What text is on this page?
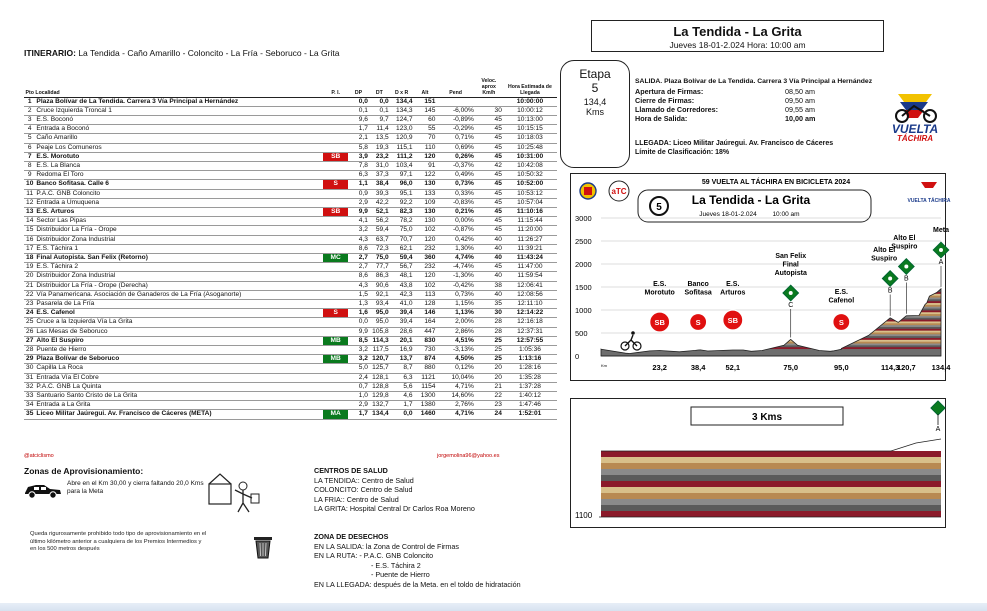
La Tendida - La Grita
Jueves 18-01-2.024 Hora: 10:00 am
ITINERARIO: La Tendida - Caño Amarillo - Coloncito - La Fría - Seboruco - La Grita
Pto	Localidad	P. I.	DP	DT	D x R	Alt	Pend	Veloc. aprox Km/h	Hora Estimada de Llegada
1	Plaza Bolívar de La Tendida. Carrera 3 Vía Principal a Hernández		0,0	0,0	134,4	151			10:00:00
2	Cruce Izquierda Troncal 1		0,1	0,1	134,3	145	-6,00%	30	10:00:12
3	E.S. Boconó		9,6	9,7	124,7	60	-0,89%	45	10:13:00
4	Entrada a Boconó		1,7	11,4	123,0	55	-0,29%	45	10:15:15
5	Caño Amarillo		2,1	13,5	120,9	70	0,71%	45	10:18:03
6	Peaje Los Comuneros		5,8	19,3	115,1	110	0,69%	45	10:25:48
7	E.S. Morotuto	SB	3,9	23,2	111,2	120	0,26%	45	10:31:00
8	E.S. La Blanca		7,8	31,0	103,4	91	-0,37%	42	10:42:08
9	Redoma El Toro		6,3	37,3	97,1	122	0,49%	45	10:50:32
10	Banco Sofitasa. Calle 6	S	1,1	38,4	96,0	130	0,73%	45	10:52:00
11	P.A.C. GNB Coloncito		0,9	39,3	95,1	133	0,33%	45	10:53:12
12	Entrada a Umuquena		2,9	42,2	92,2	109	-0,83%	45	10:57:04
13	E.S. Arturos	SB	9,9	52,1	82,3	130	0,21%	45	11:10:16
14	Sector Las Pipas		4,1	56,2	78,2	130	0,00%	45	11:15:44
15	Distribuidor La Fría - Orope		3,2	59,4	75,0	102	-0,87%	45	11:20:00
16	Distribuidor Zona Industrial		4,3	63,7	70,7	120	0,42%	40	11:26:27
17	E.S. Táchira 1		8,6	72,3	62,1	232	1,30%	40	11:39:21
18	Final Autopista. San Felix (Retorno)	MC	2,7	75,0	59,4	360	4,74%	40	11:43:24
19	E.S. Táchira 2		2,7	77,7	56,7	232	-4,74%	45	11:47:00
20	Distribuidor Zona Industrial		8,6	86,3	48,1	120	-1,30%	40	11:59:54
21	Distribuidor La Fría - Orope (Derecha)		4,3	90,6	43,8	102	-0,42%	38	12:06:41
22	Vía Panamericana. Asociación de Ganaderos de La Fría (Asoganorte)		1,5	92,1	42,3	113	0,73%	40	12:08:56
23	Pasarela de La Fría		1,3	93,4	41,0	128	1,15%	35	12:11:10
24	E.S. Cafenol	S	1,6	95,0	39,4	146	1,13%	30	12:14:22
25	Cruce a la Izquierda Vía La Grita		0,0	95,0	39,4	164	2,00%	28	12:16:18
26	Las Mesas de Seboruco		9,9	105,8	28,6	447	2,86%	28	12:37:31
27	Alto El Suspiro	MB	8,5	114,3	20,1	830	4,51%	25	12:57:55
28	Puente de Hierro		3,2	117,5	16,9	730	-3,13%	25	1:05:36
29	Plaza Bolívar de Seboruco	MB	3,2	120,7	13,7	874	4,50%	25	1:13:16
30	Capilla La Roca		5,0	125,7	8,7	880	0,12%	20	1:28:16
31	Entrada Vía El Cobre		2,4	128,1	6,3	1121	10,04%	20	1:35:28
32	P.A.C. GNB La Quinta		0,7	128,8	5,6	1154	4,71%	21	1:37:28
33	Santuario Santo Cristo de La Grita		1,0	129,8	4,6	1300	14,60%	22	1:40:12
34	Entrada a La Grita		2,9	132,7	1,7	1380	2,76%	23	1:47:46
35	Liceo Militar Jaúregui. Av. Francisco de Cáceres (META)	MA	1,7	134,4	0,0	1460	4,71%	24	1:52:01
@atciclismo	jorgemolina96@yahoo.es
Zonas de Aprovisionamiento:
Abre en el Km 30,00 y cierra faltando 20,0 Kms para la Meta
Queda rigurosamente prohibido todo tipo de aprovisionamiento en el último kilómetro anterior a cualquiera de los Premios Intermedios y en los 500 metros después
CENTROS DE SALUD
LA TENDIDA:: Centro de Salud
COLONCITO: Centro de Salud
LA FRIA:: Centro de Salud
LA GRITA: Hospital Central Dr Carlos Roa Moreno
ZONA DE DESECHOS
EN LA SALIDA: la Zona de Control de Firmas
EN LA RUTA: - P.A.C. GNB Coloncito
- E.S. Táchira 2
- Puente de Hierro
EN LA LLEGADA: después de la Meta. en el toldo de hidratación
Etapa
5
134,4
Kms
SALIDA. Plaza Bolívar de La Tendida. Carrera 3 Vía Principal a Hernández
Apertura de Firmas:	08,50 am
Cierre de Firmas:	09,50 am
Llamado de Corredores:	09,55 am
Hora de Salida:	10,00 am
LLEGADA: Liceo Militar Jaúregui. Av. Francisco de Cáceres
Límite de Clasificación: 18%
VUELTA
TÁCHIRA
59 VUELTA AL TÁCHIRA EN BICICLETA 2024
aTC
5
La Tendida - La Grita
Jueves 18-01-2.024 10:00 am
VUELTA TÁCHIRA
0
500
1000
1500
2000
2500
3000
23,2	38,4	52,1	75,0	95,0	114,3
120,7 134,4
E.S.
Morotuto
SB
Banco
Sofitasa
S
E.S.
Arturos
SB
San Felix
Final
Autopista
C
E.S.
Cafenol
S
Alto El
Suspiro
B
Alto El
Suspiro
B
Meta
A
Km
3 Kms
1100
A
